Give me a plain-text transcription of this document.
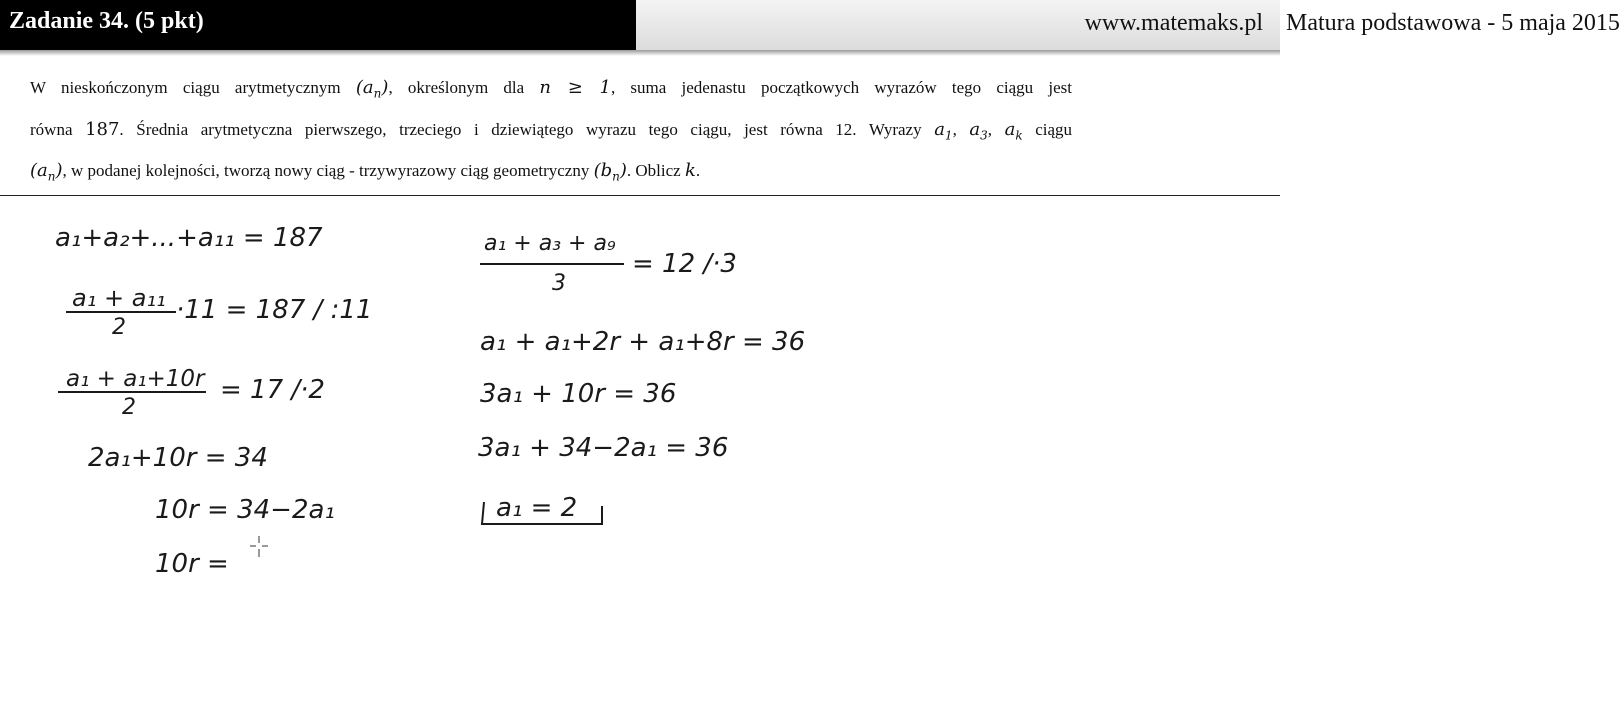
Zadanie 34. (5 pkt)	Matura podstawowa - 5 maja 2015
www.matemaks.pl
W nieskończonym ciągu arytmetycznym $(a_n)$, określonym dla n ≥ 1, suma jedenastu początkowych wyrazów tego ciągu jest
równa 187. Średnia arytmetyczna pierwszego, trzeciego i dziewiątego wyrazu tego ciągu, jest równa 12. Wyrazy $a_1$, $a_3$, $a_k$ ciągu
$(a_n)$, w podanej kolejności, tworzą nowy ciąg - trzywyrazowy ciąg geometryczny $(b_n)$. Oblicz k.
a₁+a₂+...+a₁₁ = 187
a₁ + a₁₁
2
·11 = 187 / :11
a₁ + a₁+10r
2
= 17 /·2
2a₁+10r = 34
10r = 34−2a₁
10r =
a₁ + a₃ + a₉
3
= 12 /·3
a₁ + a₁+2r + a₁+8r = 36
3a₁ + 10r = 36
3a₁ + 34−2a₁ = 36
a₁ = 2
